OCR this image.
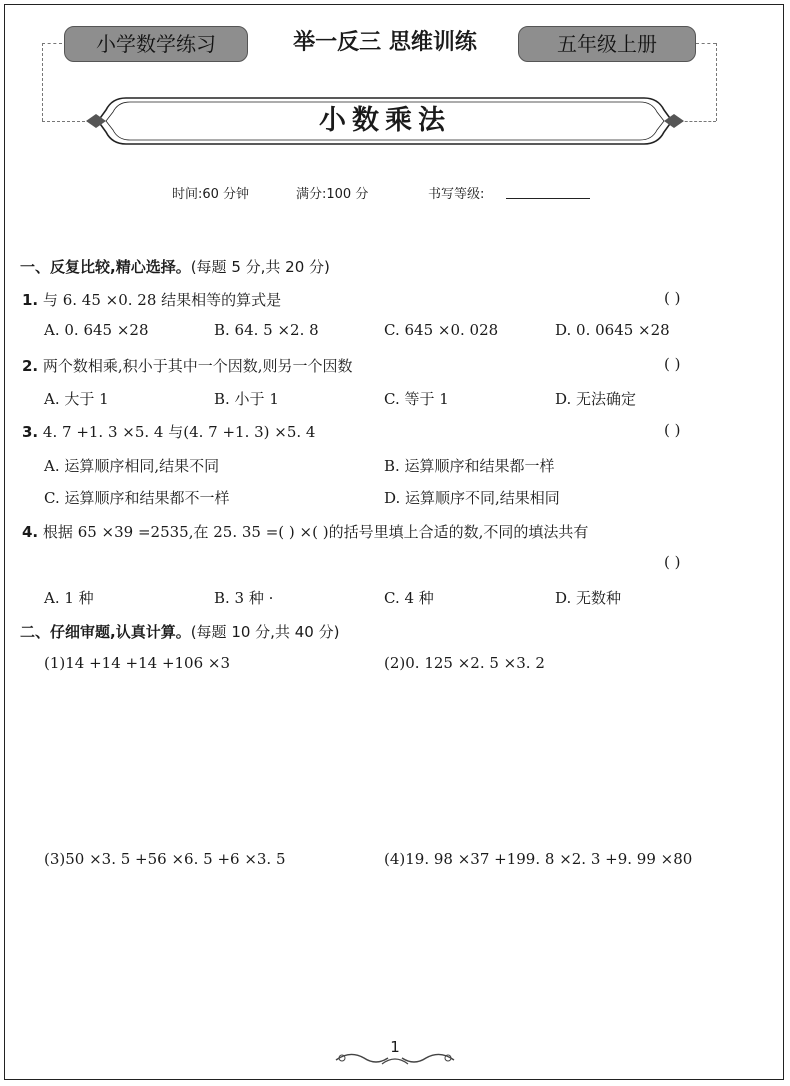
小学数学练习	举一反三 思维训练	五年级上册
小数乘法
时间:60 分钟	满分:100 分	书写等级:
一、反复比较,精心选择。(每题 5 分,共 20 分)
1. 与 6. 45 ×0. 28 结果相等的算式是	( )
A. 0. 645 ×28	B. 64. 5 ×2. 8	C. 645 ×0. 028	D. 0. 0645 ×28
2. 两个数相乘,积小于其中一个因数,则另一个因数	( )
A. 大于 1	B. 小于 1	C. 等于 1	D. 无法确定
3. 4. 7 +1. 3 ×5. 4 与(4. 7 +1. 3) ×5. 4	( )
A. 运算顺序相同,结果不同	B. 运算顺序和结果都一样
C. 运算顺序和结果都不一样	D. 运算顺序不同,结果相同
4. 根据 65 ×39 =2535,在 25. 35 =( ) ×( )的括号里填上合适的数,不同的填法共有
( )
A. 1 种	B. 3 种 ·	C. 4 种	D. 无数种
二、仔细审题,认真计算。(每题 10 分,共 40 分)
(1)14 +14 +14 +106 ×3	(2)0. 125 ×2. 5 ×3. 2
(3)50 ×3. 5 +56 ×6. 5 +6 ×3. 5	(4)19. 98 ×37 +199. 8 ×2. 3 +9. 99 ×80
1
